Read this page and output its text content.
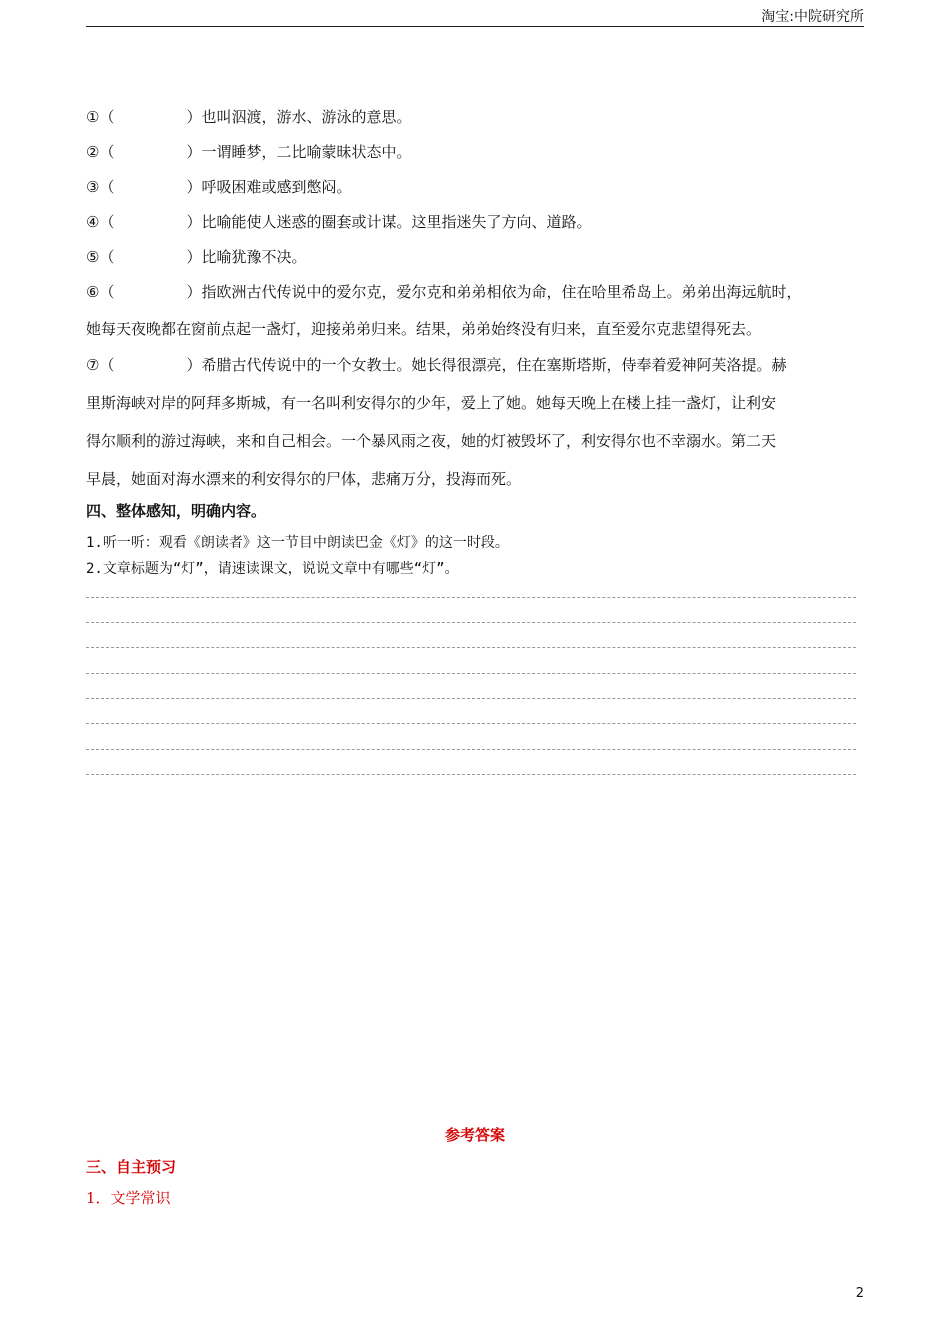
淘宝:中院研究所
①（	）也叫泅渡，游水、游泳的意思。
②（	）一谓睡梦，二比喻蒙昧状态中。
③（	）呼吸困难或感到憋闷。
④（	）比喻能使人迷惑的圈套或计谋。这里指迷失了方向、道路。
⑤（	）比喻犹豫不决。
⑥（	）指欧洲古代传说中的爱尔克，爱尔克和弟弟相依为命，住在哈里希岛上。弟弟出海远航时，
她每天夜晚都在窗前点起一盏灯，迎接弟弟归来。结果，弟弟始终没有归来，直至爱尔克悲望得死去。
⑦（	）希腊古代传说中的一个女教士。她长得很漂亮，住在塞斯塔斯，侍奉着爱神阿芙洛提。赫
里斯海峡对岸的阿拜多斯城，有一名叫利安得尔的少年，爱上了她。她每天晚上在楼上挂一盏灯，让利安
得尔顺利的游过海峡，来和自己相会。一个暴风雨之夜，她的灯被毁坏了，利安得尔也不幸溺水。第二天
早晨，她面对海水漂来的利安得尔的尸体，悲痛万分，投海而死。
四、整体感知，明确内容。
1.听一听：观看《朗读者》这一节目中朗读巴金《灯》的这一时段。
2.文章标题为“灯”，请速读课文，说说文章中有哪些“灯”。
参考答案
三、自主预习
1．文学常识
2
